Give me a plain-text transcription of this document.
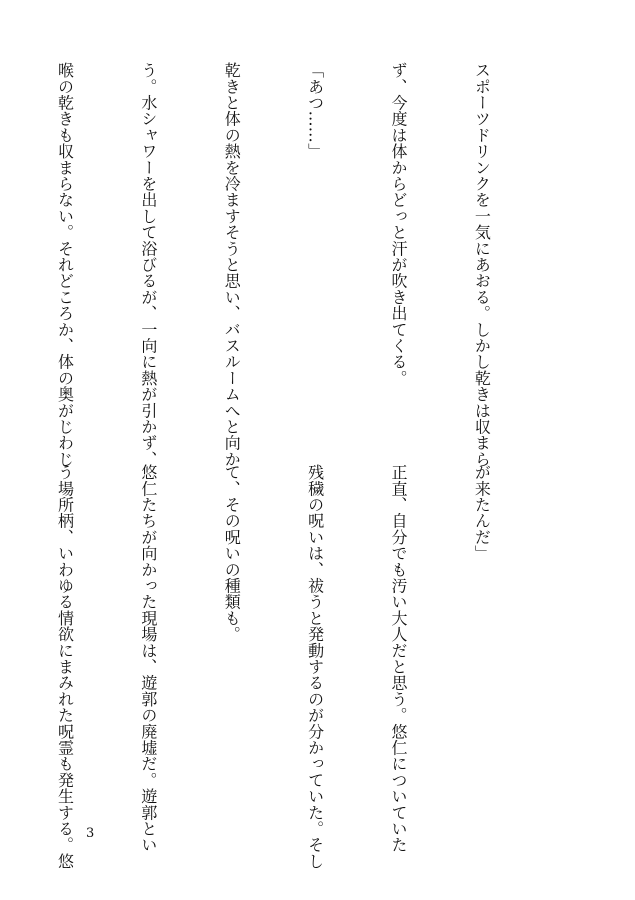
スポーツドリンクを一気にあおる。しかし乾きは収まら

ず、今度は体からどっと汗が吹き出てくる。

「あつ……」

乾きと体の熱を冷ますそうと思い、バスルームへと向か

う。水シャワーを出して浴びるが、一向に熱が引かず、

喉の乾きも収まらない。それどころか、体の奥がじわじ

が来たんだ」

正直、自分でも汚い大人だと思う。悠仁についていた

残穢の呪いは、祓うと発動するのが分かっていた。そし

て、その呪いの種類も。

悠仁たちが向かった現場は、遊郭の廃墟だ。遊郭とい

う場所柄、いわゆる情欲にまみれた呪霊も発生する。悠

3
